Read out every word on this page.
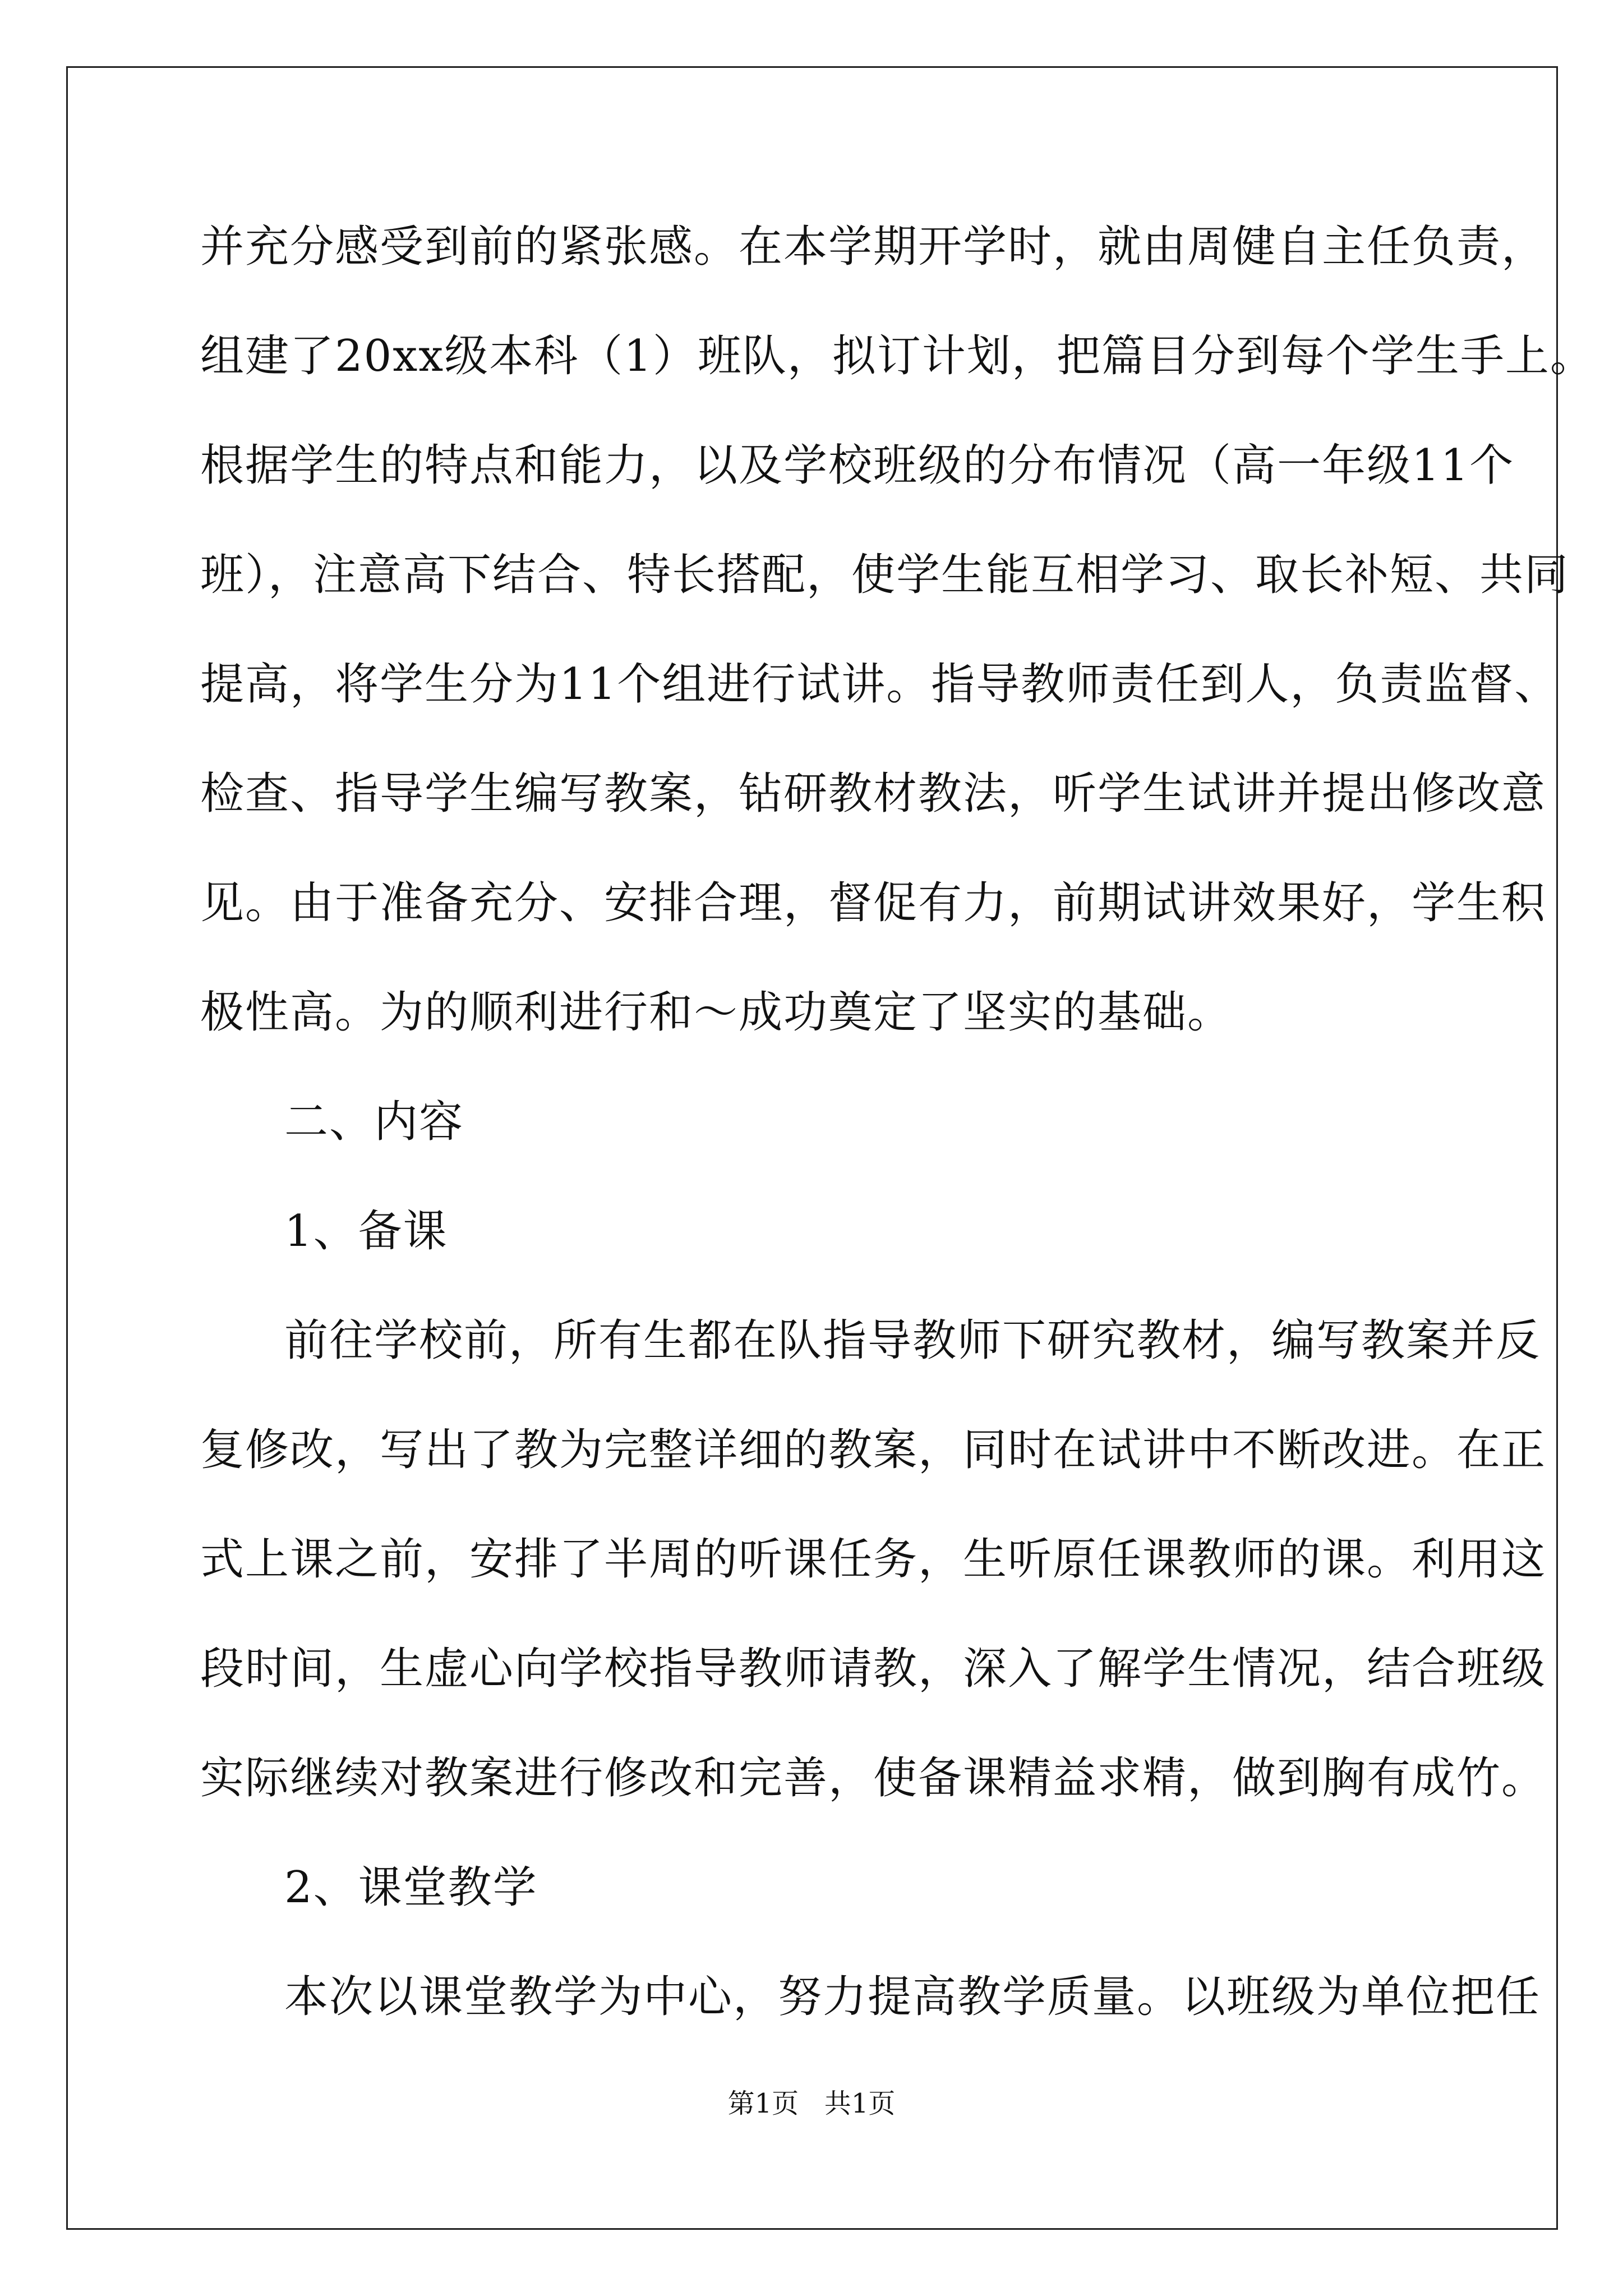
并充分感受到前的紧张感。在本学期开学时，就由周健自主任负责，
组建了20xx级本科（1）班队，拟订计划，把篇目分到每个学生手上。
根据学生的特点和能力，以及学校班级的分布情况（高一年级11个
班），注意高下结合、特长搭配，使学生能互相学习、取长补短、共同
提高，将学生分为11个组进行试讲。指导教师责任到人，负责监督、
检查、指导学生编写教案，钻研教材教法，听学生试讲并提出修改意
见。由于准备充分、安排合理，督促有力，前期试讲效果好，学生积
极性高。为的顺利进行和～成功奠定了坚实的基础。
二、内容
1、备课
前往学校前，所有生都在队指导教师下研究教材，编写教案并反
复修改，写出了教为完整详细的教案，同时在试讲中不断改进。在正
式上课之前，安排了半周的听课任务，生听原任课教师的课。利用这
段时间，生虚心向学校指导教师请教，深入了解学生情况，结合班级
实际继续对教案进行修改和完善，使备课精益求精，做到胸有成竹。
2、课堂教学
本次以课堂教学为中心，努力提高教学质量。以班级为单位把任
第1页   共1页
